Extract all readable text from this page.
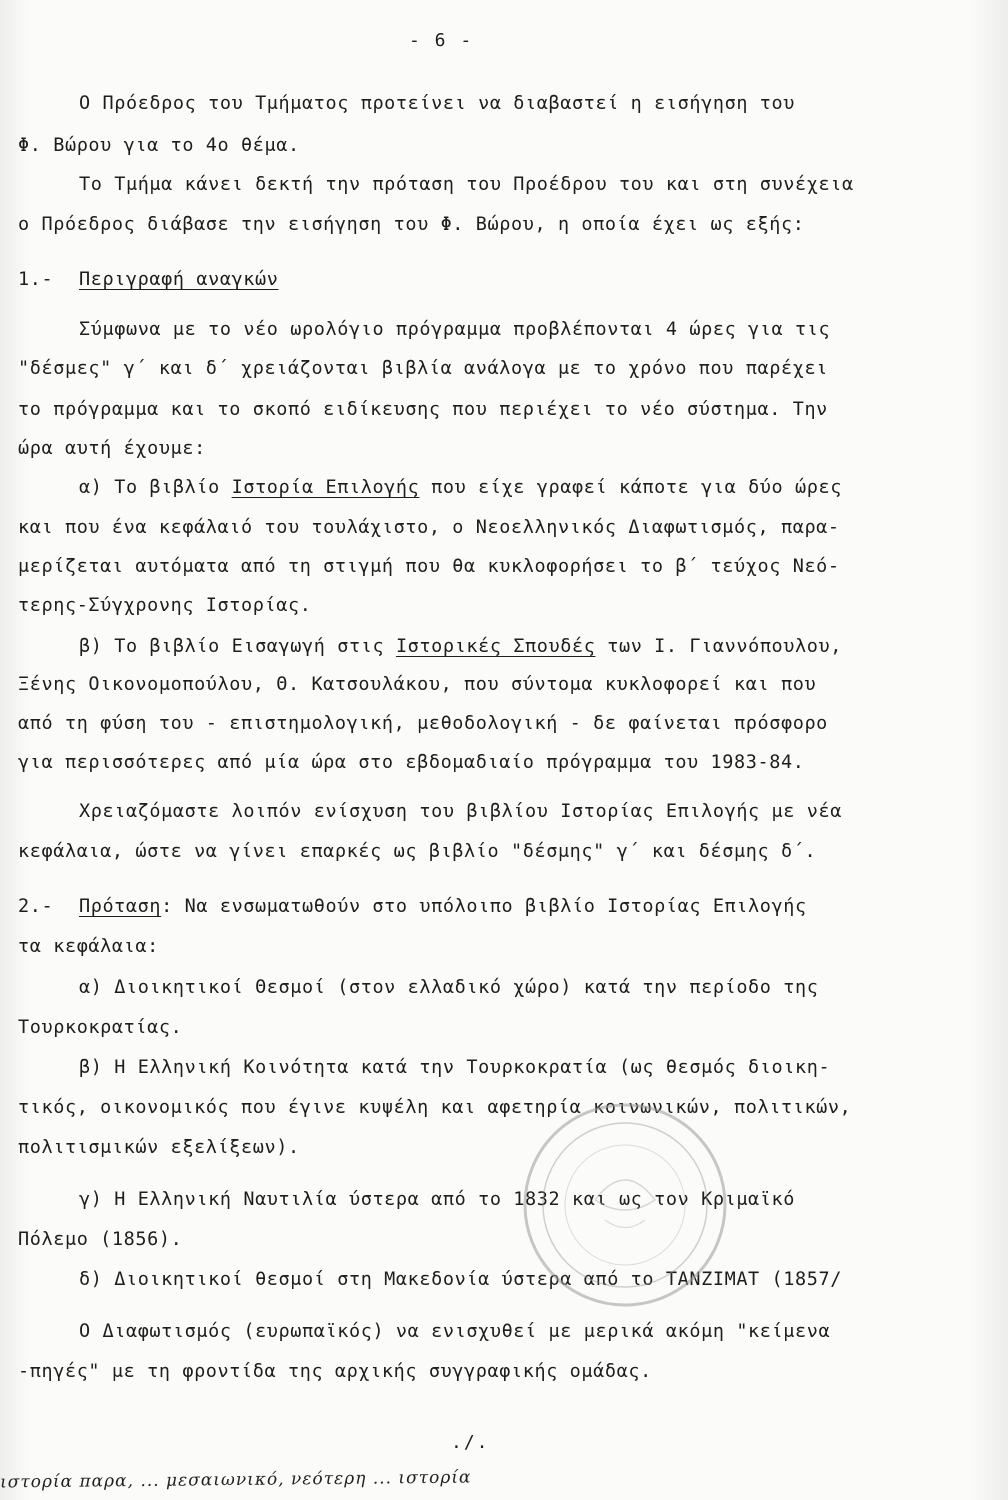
- 6 -
Ο Πρόεδρος του Τμήματος προτείνει να διαβαστεί η εισήγηση του
Φ. Βώρου για το 4ο θέμα.
Το Τμήμα κάνει δεκτή την πρόταση του Προέδρου του και στη συνέχεια
ο Πρόεδρος διάβασε την εισήγηση του Φ. Βώρου, η οποία έχει ως εξής:
1.- Περιγραφή αναγκών
Σύμφωνα με το νέο ωρολόγιο πρόγραμμα προβλέπονται 4 ώρες για τις
"δέσμες" γ΄ και δ΄ χρειάζονται βιβλία ανάλογα με το χρόνο που παρέχει
το πρόγραμμα και το σκοπό ειδίκευσης που περιέχει το νέο σύστημα. Την
ώρα αυτή έχουμε:
α) Το βιβλίο Ιστορία Επιλογής που είχε γραφεί κάποτε για δύο ώρες
και που ένα κεφάλαιό του τουλάχιστο, ο Νεοελληνικός Διαφωτισμός, παρα-
μερίζεται αυτόματα από τη στιγμή που θα κυκλοφορήσει το β΄ τεύχος Νεό-
τερης-Σύγχρονης Ιστορίας.
β) Το βιβλίο Εισαγωγή στις Ιστορικές Σπουδές των Ι. Γιαννόπουλου,
Ξένης Οικονομοπούλου, Θ. Κατσουλάκου, που σύντομα κυκλοφορεί και που
από τη φύση του - επιστημολογική, μεθοδολογική - δε φαίνεται πρόσφορο
για περισσότερες από μία ώρα στο εβδομαδιαίο πρόγραμμα του 1983-84.
Χρειαζόμαστε λοιπόν ενίσχυση του βιβλίου Ιστορίας Επιλογής με νέα
κεφάλαια, ώστε να γίνει επαρκές ως βιβλίο "δέσμης" γ΄ και δέσμης δ΄.
2.- Πρόταση: Να ενσωματωθούν στο υπόλοιπο βιβλίο Ιστορίας Επιλογής
τα κεφάλαια:
α) Διοικητικοί Θεσμοί (στον ελλαδικό χώρο) κατά την περίοδο της
Τουρκοκρατίας.
β) Η Ελληνική Κοινότητα κατά την Τουρκοκρατία (ως θεσμός διοικη-
τικός, οικονομικός που έγινε κυψέλη και αφετηρία κοινωνικών, πολιτικών,
πολιτισμικών εξελίξεων).
γ) Η Ελληνική Ναυτιλία ύστερα από το 1832 και ως τον Κριμαϊκό
Πόλεμο (1856).
δ) Διοικητικοί θεσμοί στη Μακεδονία ύστερα από το TANZIMAT (1857/
Ο Διαφωτισμός (ευρωπαϊκός) να ενισχυθεί με μερικά ακόμη "κείμενα
-πηγές" με τη φροντίδα της αρχικής συγγραφικής ομάδας.
./.
ιστορία παρα, ... μεσαιωνικό, νεότερη ... ιστορία
